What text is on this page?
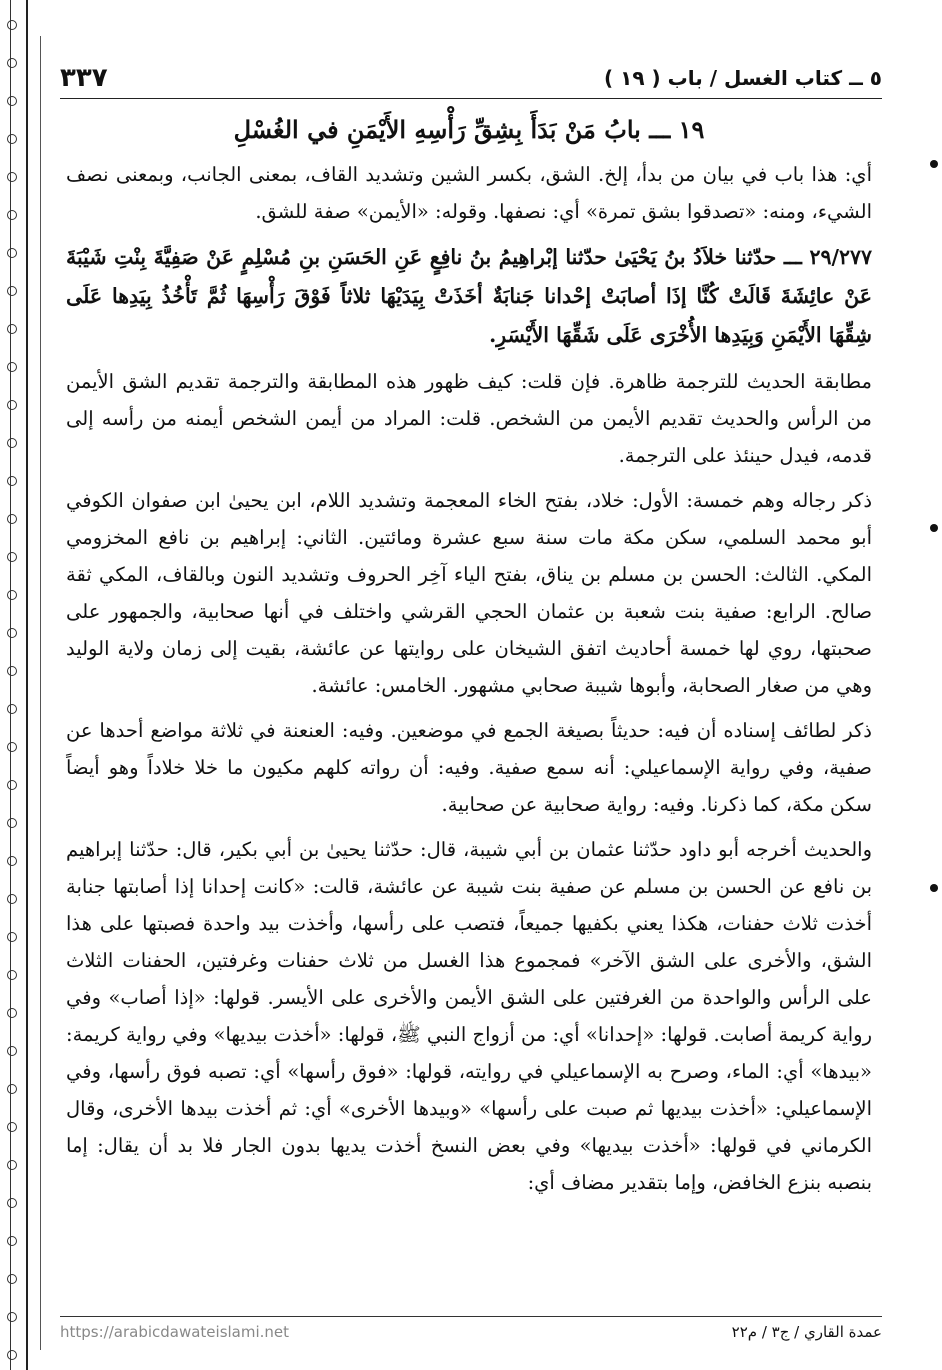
٥ ــ كتاب الغسل / باب ( ١٩ )
٣٣٧
١٩ ـــ بابُ مَنْ بَدَأَ بِشِقِّ رَأْسِهِ الأَيْمَنِ في الغُسْلِ

أي: هذا باب في بيان من بدأ، إلخ. الشق، بكسر الشين وتشديد القاف، بمعنى الجانب، وبمعنى نصف الشيء، ومنه: «تصدقوا بشق تمرة» أي: نصفها. وقوله: «الأيمن» صفة للشق.

٢٩/٢٧٧ ـــ حدّثنا خلاَدُ بنُ يَحْيَىٰ حدّثنا إبْراهِيمُ بنُ نافِعٍ عَنِ الحَسَنِ بنِ مُسْلِمٍ عَنْ صَفِيَّةَ بِنْتِ شَيْبَةَ عَنْ عائِشَةَ قَالَتْ كُنَّا إذَا أصابَتْ إحْدانا جَنابَةٌ أخَذَتْ بِيَدَيْهَا ثلاثاً فَوْقَ رَأْسِهَا ثُمَّ تَأْخُذُ بِيَدِها عَلَى شِقِّهَا الأَيْمَنِ وَبِيَدِها الأُخْرَى عَلَى شَقِّهَا الأَيْسَرِ.

مطابقة الحديث للترجمة ظاهرة. فإن قلت: كيف ظهور هذه المطابقة والترجمة تقديم الشق الأيمن من الرأس والحديث تقديم الأيمن من الشخص. قلت: المراد من أيمن الشخص أيمنه من رأسه إلى قدمه، فيدل حينئذ على الترجمة.

ذكر رجاله وهم خمسة: الأول: خلاد، بفتح الخاء المعجمة وتشديد اللام، ابن يحيىٰ ابن صفوان الكوفي أبو محمد السلمي، سكن مكة مات سنة سبع عشرة ومائتين. الثاني: إبراهيم بن نافع المخزومي المكي. الثالث: الحسن بن مسلم بن يناق، بفتح الياء آخِر الحروف وتشديد النون وبالقاف، المكي ثقة صالح. الرابع: صفية بنت شعبة بن عثمان الحجي القرشي واختلف في أنها صحابية، والجمهور على صحبتها، روي لها خمسة أحاديث اتفق الشيخان على روايتها عن عائشة، بقيت إلى زمان ولاية الوليد وهي من صغار الصحابة، وأبوها شيبة صحابي مشهور. الخامس: عائشة.

ذكر لطائف إسناده أن فيه: حديثاً بصيغة الجمع في موضعين. وفيه: العنعنة في ثلاثة مواضع أحدها عن صفية، وفي رواية الإسماعيلي: أنه سمع صفية. وفيه: أن رواته كلهم مكيون ما خلا خلاداً وهو أيضاً سكن مكة، كما ذكرنا. وفيه: رواية صحابية عن صحابية.

والحديث أخرجه أبو داود حدّثنا عثمان بن أبي شيبة، قال: حدّثنا يحيىٰ بن أبي بكير، قال: حدّثنا إبراهيم بن نافع عن الحسن بن مسلم عن صفية بنت شيبة عن عائشة، قالت: «كانت إحدانا إذا أصابتها جنابة أخذت ثلاث حفنات، هكذا يعني بكفيها جميعاً، فتصب على رأسها، وأخذت بيد واحدة فصبتها على هذا الشق، والأخرى على الشق الآخر» فمجموع هذا الغسل من ثلاث حفنات وغرفتين، الحفنات الثلاث على الرأس والواحدة من الغرفتين على الشق الأيمن والأخرى على الأيسر. قولها: «إذا أصاب» وفي رواية كريمة أصابت. قولها: «إحدانا» أي: من أزواج النبي ﷺ، قولها: «أخذت بيديها» وفي رواية كريمة: «بيدها» أي: الماء، وصرح به الإسماعيلي في روايته، قولها: «فوق رأسها» أي: تصبه فوق رأسها، وفي الإسماعيلي: «أخذت بيديها ثم صبت على رأسها» «وبيدها الأخرى» أي: ثم أخذت بيدها الأخرى، وقال الكرماني في قولها: «أخذت بيديها» وفي بعض النسخ أخذت يديها بدون الجار فلا بد أن يقال: إما بنصبه بنزع الخافض، وإما بتقدير مضاف أي:

عمدة القاري / ج٣ / م٢٢
https://arabicdawateislami.net
